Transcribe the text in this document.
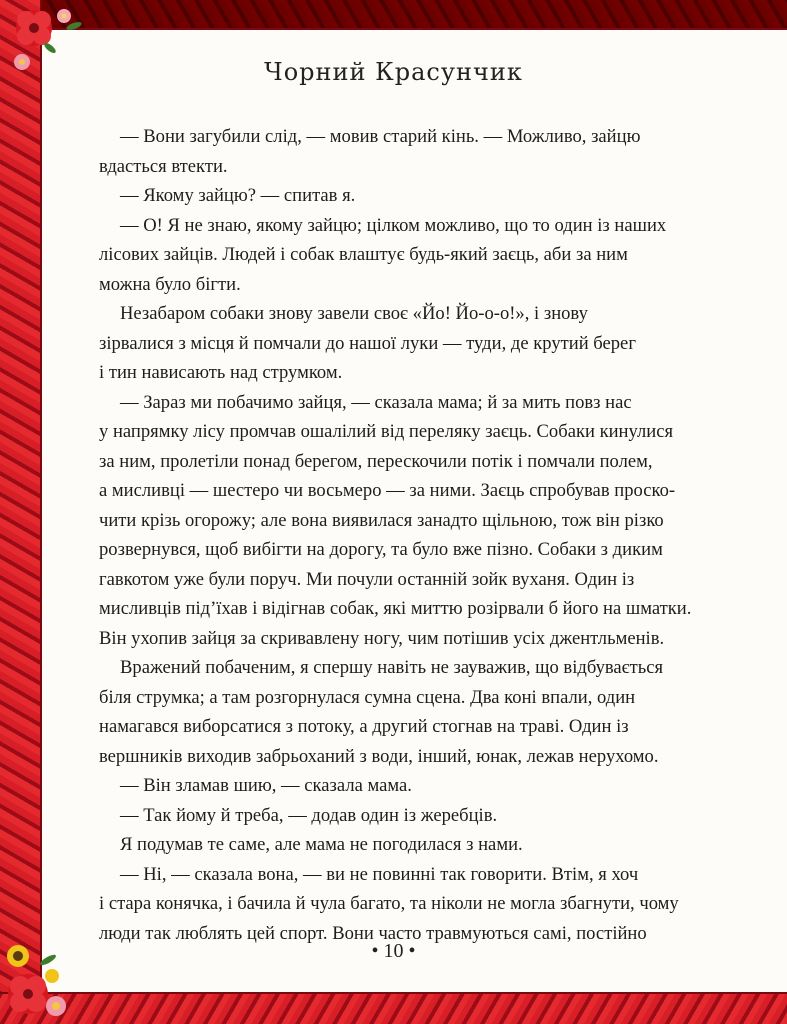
Чорний Красунчик
— Вони загубили слід, — мовив старий кінь. — Можливо, зайцю
вдасться втекти.
— Якому зайцю? — спитав я.
— О! Я не знаю, якому зайцю; цілком можливо, що то один із наших
лісових зайців. Людей і собак влаштує будь-який заєць, аби за ним
можна було бігти.
Незабаром собаки знову завели своє «Йо! Йо-о-о!», і знову
зірвалися з місця й помчали до нашої луки — туди, де крутий берег
і тин нависають над струмком.
— Зараз ми побачимо зайця, — сказала мама; й за мить повз нас
у напрямку лісу промчав ошалілий від переляку заєць. Собаки кинулися
за ним, пролетіли понад берегом, перескочили потік і помчали полем,
а мисливці — шестеро чи восьмеро — за ними. Заєць спробував проско-
чити крізь огорожу; але вона виявилася занадто щільною, тож він різко
розвернувся, щоб вибігти на дорогу, та було вже пізно. Собаки з диким
гавкотом уже були поруч. Ми почули останній зойк вуханя. Один із
мисливців під’їхав і відігнав собак, які миттю розірвали б його на шматки.
Він ухопив зайця за скривавлену ногу, чим потішив усіх джентльменів.
Вражений побаченим, я спершу навіть не зауважив, що відбувається
біля струмка; а там розгорнулася сумна сцена. Два коні впали, один
намагався виборсатися з потоку, а другий стогнав на траві. Один із
вершників виходив забрьоханий з води, інший, юнак, лежав нерухомо.
— Він зламав шию, — сказала мама.
— Так йому й треба, — додав один із жеребців.
Я подумав те саме, але мама не погодилася з нами.
— Ні, — сказала вона, — ви не повинні так говорити. Втім, я хоч
і стара конячка, і бачила й чула багато, та ніколи не могла збагнути, чому
люди так люблять цей спорт. Вони часто травмуються самі, постійно
• 10 •
